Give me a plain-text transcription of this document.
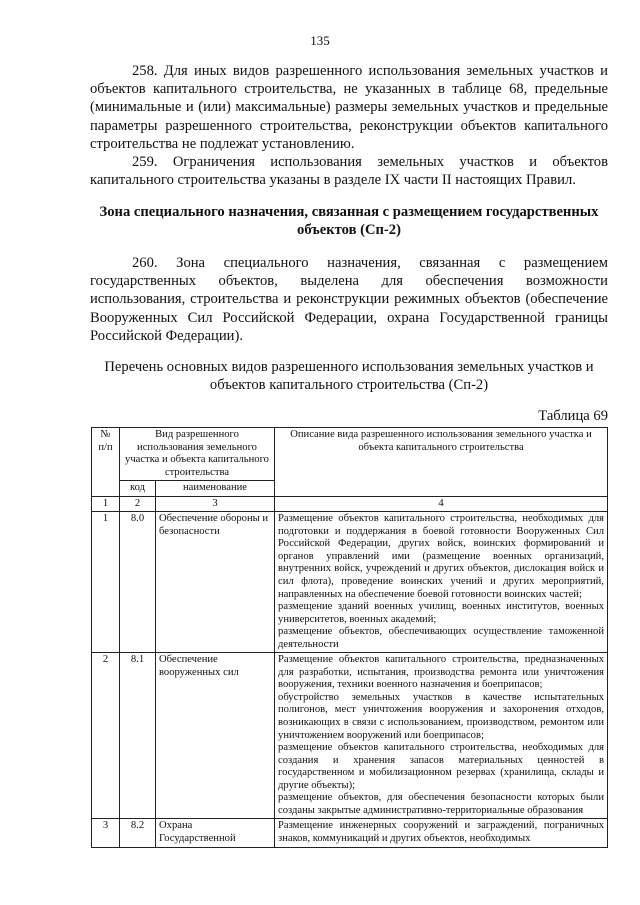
135

258. Для иных видов разрешенного использования земельных участков и объектов капитального строительства, не указанных в таблице 68, предельные (минимальные и (или) максимальные) размеры земельных участков и предельные параметры разрешенного строительства, реконструкции объектов капитального строительства не подлежат установлению.

259. Ограничения использования земельных участков и объектов капитального строительства указаны в разделе IX части II настоящих Правил.

Зона специального назначения, связанная с размещением государственных объектов (Сп-2)

260. Зона специального назначения, связанная с размещением государственных объектов, выделена для обеспечения возможности использования, строительства и реконструкции режимных объектов (обеспечение Вооруженных Сил Российской Федерации, охрана Государственной границы Российской Федерации).

Перечень основных видов разрешенного использования земельных участков и объектов капитального строительства (Сп-2)
Таблица 69
№ п/п	Вид разрешенного использования земельного участка и объекта капитального строительства		Описание вида разрешенного использования земельного участка и объекта капитального строительства
	код	наименование	
1	2	3	4
1	8.0	Обеспечение обороны и безопасности	Размещение объектов капитального строительства, необходимых для подготовки и поддержания в боевой готовности Вооруженных Сил Российской Федерации, других войск, воинских формирований и органов управлений ими (размещение военных организаций, внутренних войск, учреждений и других объектов, дислокация войск и сил флота), проведение воинских учений и других мероприятий, направленных на обеспечение боевой готовности воинских частей;

размещение зданий военных училищ, военных институтов, военных университетов, военных академий;

размещение объектов, обеспечивающих осуществление таможенной деятельности

2	8.1	Обеспечение вооруженных сил	Размещение объектов капитального строительства, предназначенных для разработки, испытания, производства ремонта или уничтожения вооружения, техники военного назначения и боеприпасов;

обустройство земельных участков в качестве испытательных полигонов, мест уничтожения вооружения и захоронения отходов, возникающих в связи с использованием, производством, ремонтом или уничтожением вооружений или боеприпасов;

размещение объектов капитального строительства, необходимых для создания и хранения запасов материальных ценностей в государственном и мобилизационном резервах (хранилища, склады и другие объекты);

размещение объектов, для обеспечения безопасности которых были созданы закрытые административно-территориальные образования

3	8.2	Охрана Государственной	Размещение инженерных сооружений и заграждений, пограничных знаков, коммуникаций и других объектов, необходимых
